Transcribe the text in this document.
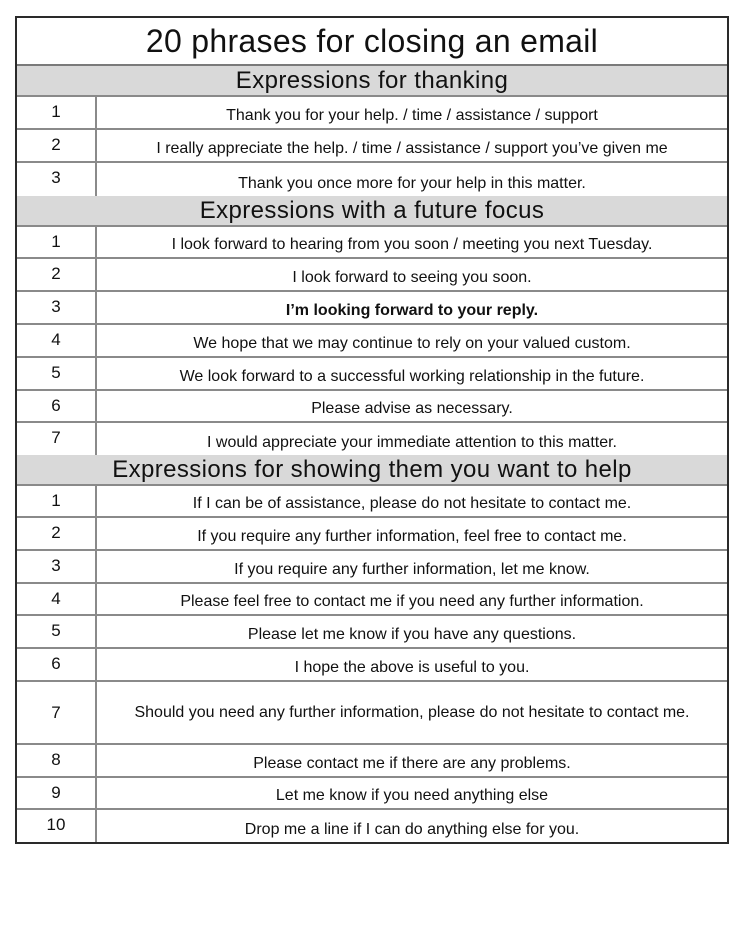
20 phrases for closing an email
Expressions for thanking
1	Thank you for your help. / time / assistance / support
2	I really appreciate the help. / time / assistance / support you’ve given me
3	Thank you once more for your help in this matter.
Expressions with a future focus
1	I look forward to hearing from you soon / meeting you next Tuesday.
2	I look forward to seeing you soon.
3	I’m looking forward to your reply.
4	We hope that we may continue to rely on your valued custom.
5	We look forward to a successful working relationship in the future.
6	Please advise as necessary.
7	I would appreciate your immediate attention to this matter.
Expressions for showing them you want to help
1	If I can be of assistance, please do not hesitate to contact me.
2	If you require any further information, feel free to contact me.
3	If you require any further information, let me know.
4	Please feel free to contact me if you need any further information.
5	Please let me know if you have any questions.
6	I hope the above is useful to you.
7	Should you need any further information, please do not hesitate to contact me.
8	Please contact me if there are any problems.
9	Let me know if you need anything else
10	Drop me a line if I can do anything else for you.
